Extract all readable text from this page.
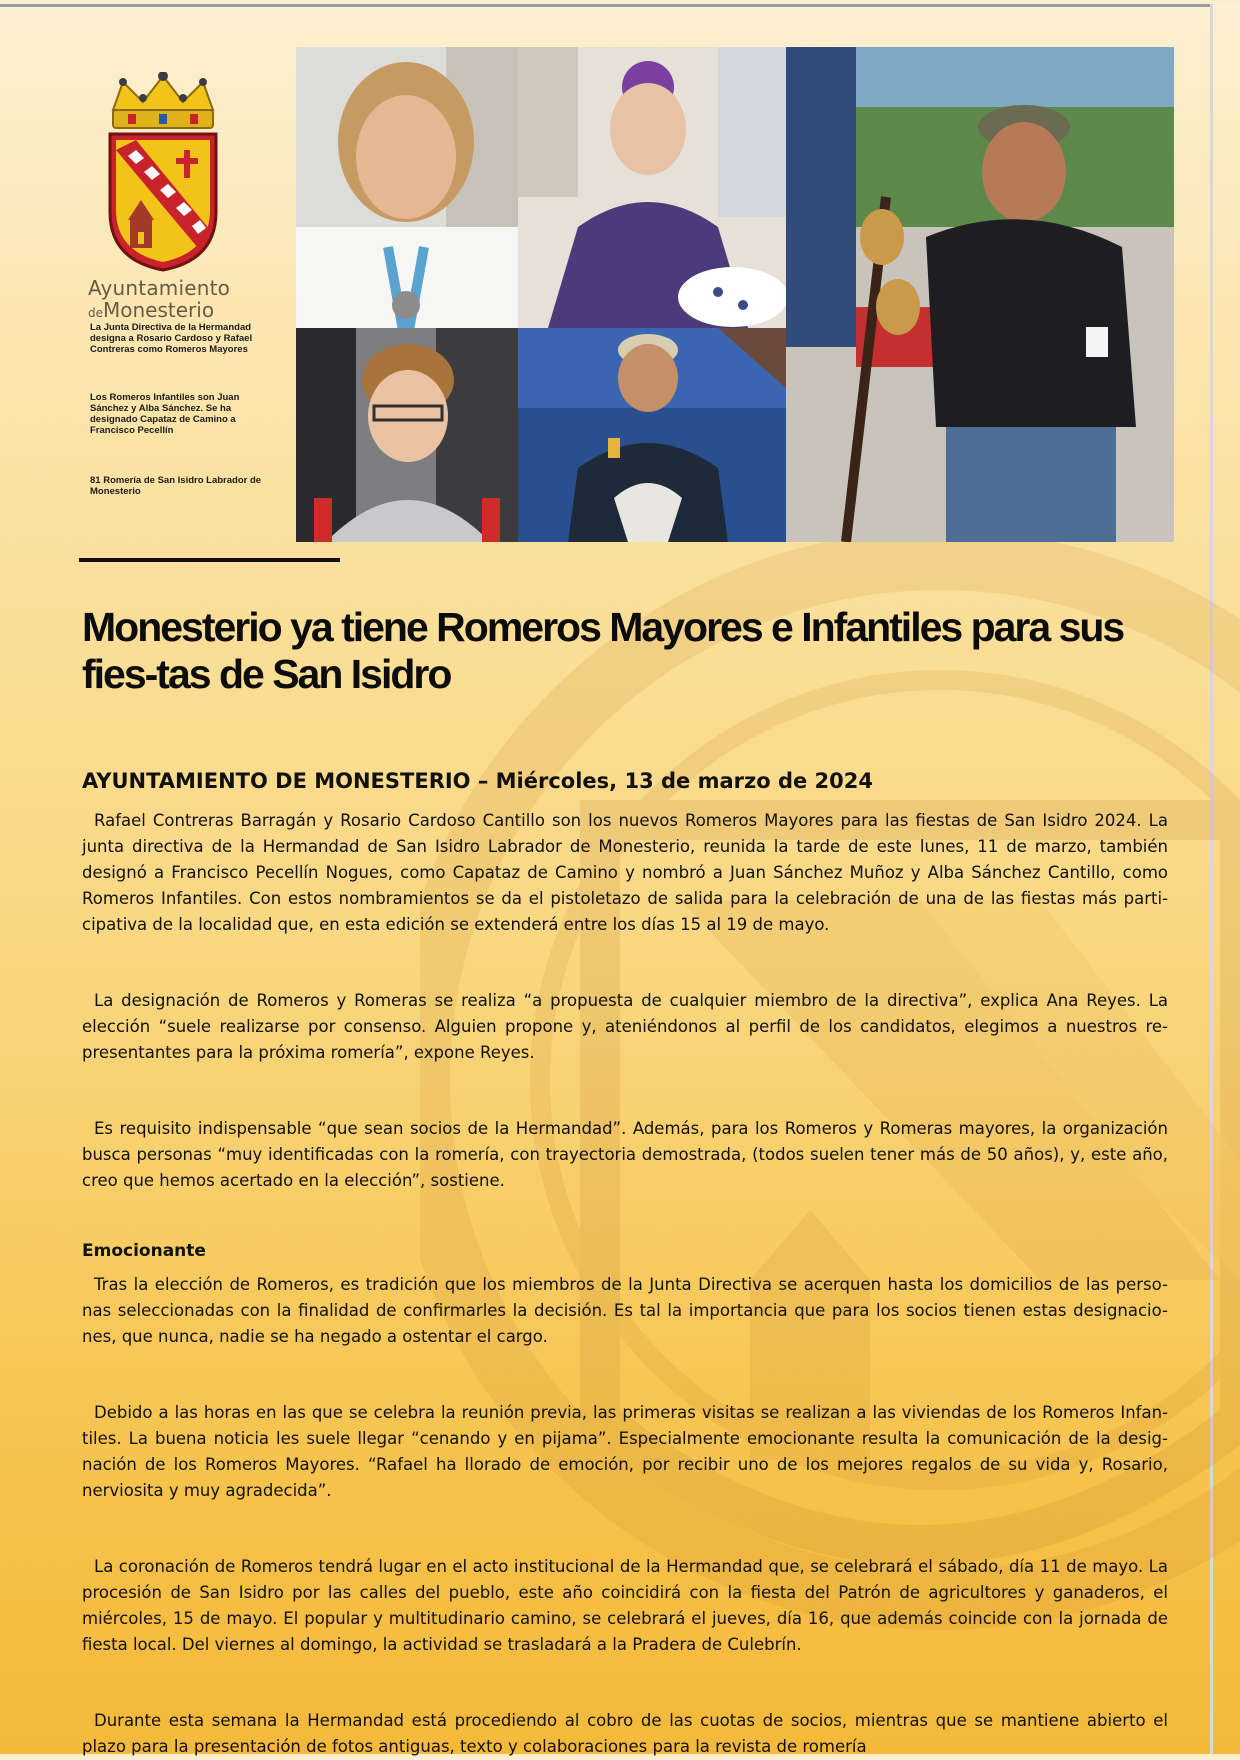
Ayuntamiento
deMonesterio
La Junta Directiva de la Hermandad designa a Rosario Cardoso y Rafael Contreras como Romeros Mayores
Los Romeros Infantiles son Juan Sánchez y Alba Sánchez. Se ha designado Capataz de Camino a Francisco Pecellín
81 Romería de San Isidro Labrador de Monesterio
Monesterio ya tiene Romeros Mayores e Infantiles para sus fies-tas de San Isidro
AYUNTAMIENTO DE MONESTERIO – Miércoles, 13 de marzo de 2024

Rafael Contreras Barragán y Rosario Cardoso Cantillo son los nuevos Romeros Mayores para las fiestas de San Isidro 2024. La junta directiva de la Hermandad de San Isidro Labrador de Monesterio, reunida la tarde de este lunes, 11 de marzo, también designó a Francisco Pecellín Nogues, como Capataz de Camino y nombró a Juan Sánchez Muñoz y Alba Sánchez Cantillo, como Romeros Infantiles. Con estos nombramientos se da el pistoletazo de salida para la celebración de una de las fiestas más parti-cipativa de la localidad que, en esta edición se extenderá entre los días 15 al 19 de mayo.

La designación de Romeros y Romeras se realiza “a propuesta de cualquier miembro de la directiva”, explica Ana Reyes. La elección “suele realizarse por consenso. Alguien propone y, ateniéndonos al perfil de los candidatos, elegimos a nuestros re-presentantes para la próxima romería”, expone Reyes.

Es requisito indispensable “que sean socios de la Hermandad”. Además, para los Romeros y Romeras mayores, la organización busca personas “muy identificadas con la romería, con trayectoria demostrada, (todos suelen tener más de 50 años), y, este año, creo que hemos acertado en la elección”, sostiene.

Emocionante

Tras la elección de Romeros, es tradición que los miembros de la Junta Directiva se acerquen hasta los domicilios de las perso-nas seleccionadas con la finalidad de confirmarles la decisión. Es tal la importancia que para los socios tienen estas designacio-nes, que nunca, nadie se ha negado a ostentar el cargo.

Debido a las horas en las que se celebra la reunión previa, las primeras visitas se realizan a las viviendas de los Romeros Infan-tiles. La buena noticia les suele llegar “cenando y en pijama”. Especialmente emocionante resulta la comunicación de la desig-nación de los Romeros Mayores. “Rafael ha llorado de emoción, por recibir uno de los mejores regalos de su vida y, Rosario, nerviosita y muy agradecida”.

La coronación de Romeros tendrá lugar en el acto institucional de la Hermandad que, se celebrará el sábado, día 11 de mayo. La procesión de San Isidro por las calles del pueblo, este año coincidirá con la fiesta del Patrón de agricultores y ganaderos, el miércoles, 15 de mayo. El popular y multitudinario camino, se celebrará el jueves, día 16, que además coincide con la jornada de fiesta local. Del viernes al domingo, la actividad se trasladará a la Pradera de Culebrín.

Durante esta semana la Hermandad está procediendo al cobro de las cuotas de socios, mientras que se mantiene abierto el plazo para la presentación de fotos antiguas, texto y colaboraciones para la revista de romería
